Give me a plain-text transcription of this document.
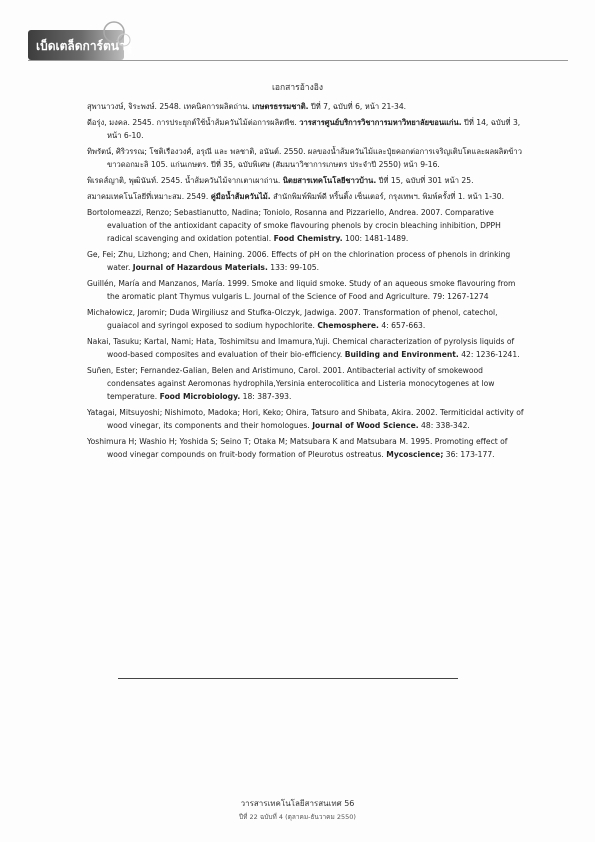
เบ็ดเตล็ดการ์ตน่ารู้
เอกสารอ้างอิง
สุพานาวงษ์, จิระพงษ์. 2548. เทคนิคการผลิตถ่าน. เกษตรธรรมชาติ. ปีที่ 7, ฉบับที่ 6, หน้า 21-34.
ดีอรุ่ง, มงคล. 2545. การประยุกต์ใช้น้ำส้มควันไม้ต่อการผลิตพืช. วารสารศูนย์บริการวิชาการมหาวิทยาลัยขอนแก่น. ปีที่ 14, ฉบับที่ 3, หน้า 6-10.
ทิพรัตน์, ศิริวรรณ; โชติเรืองวงศ์, อรุณี และ พลชาติ, อนันต์. 2550. ผลของน้ำส้มควันไม้และปุ๋ยคอกต่อการเจริญเติบโตและผลผลิตข้าวขาวดอกมะลิ 105. แก่นเกษตร. ปีที่ 35, ฉบับพิเศษ (สัมมนาวิชาการเกษตร ประจำปี 2550) หน้า 9-16.
พิเรดส์ญาติ, พุฒินันท์. 2545. น้ำส้มควันไม้จากเตาเผาถ่าน. นิตยสารเทคโนโลยีชาวบ้าน. ปีที่ 15, ฉบับที่ 301 หน้า 25.
สมาคมเทคโนโลยีที่เหมาะสม. 2549. คู่มือน้ำส้มควันไม้. สำนักพิมพ์พิมพ์ดี หริ้นติ้ง เซ็นเตอร์, กรุงเทพฯ. พิมพ์ครั้งที่ 1. หน้า 1-30.
Bortolomeazzi, Renzo; Sebastianutto, Nadina; Toniolo, Rosanna and Pizzariello, Andrea. 2007. Comparative evaluation of the antioxidant capacity of smoke flavouring phenols by crocin bleaching inhibition, DPPH radical scavenging and oxidation potential. Food Chemistry. 100: 1481-1489.
Ge, Fei; Zhu, Lizhong; and Chen, Haining. 2006. Effects of pH on the chlorination process of phenols in drinking water. Journal of Hazardous Materials. 133: 99-105.
Guillén, María and Manzanos, María. 1999. Smoke and liquid smoke. Study of an aqueous smoke flavouring from the aromatic plant Thymus vulgaris L. Journal of the Science of Food and Agriculture. 79: 1267-1274
Michałowicz, Jaromir; Duda Wirgiliusz and Stufka-Olczyk, Jadwiga. 2007. Transformation of phenol, catechol, guaiacol and syringol exposed to sodium hypochlorite. Chemosphere. 4: 657-663.
Nakai, Tasuku; Kartal, Nami; Hata, Toshimitsu and Imamura,Yuji. Chemical characterization of pyrolysis liquids of wood-based composites and evaluation of their bio-efficiency. Building and Environment. 42: 1236-1241.
Suñen, Ester; Fernandez-Galian, Belen and Aristimuno, Carol. 2001. Antibacterial activity of smokewood condensates against Aeromonas hydrophila,Yersinia enterocolitica and Listeria monocytogenes at low temperature. Food Microbiology. 18: 387-393.
Yatagai, Mitsuyoshi; Nishimoto, Madoka; Hori, Keko; Ohira, Tatsuro and Shibata, Akira. 2002. Termiticidal activity of wood vinegar, its components and their homologues. Journal of Wood Science. 48: 338-342.
Yoshimura H; Washio H; Yoshida S; Seino T; Otaka M; Matsubara K and Matsubara M. 1995. Promoting effect of wood vinegar compounds on fruit-body formation of Pleurotus ostreatus. Mycoscience; 36: 173-177.
วารสารเทคโนโลยีสารสนเทศ 56
ปีที่ 22 ฉบับที่ 4 (ตุลาคม-ธันวาคม 2550)
